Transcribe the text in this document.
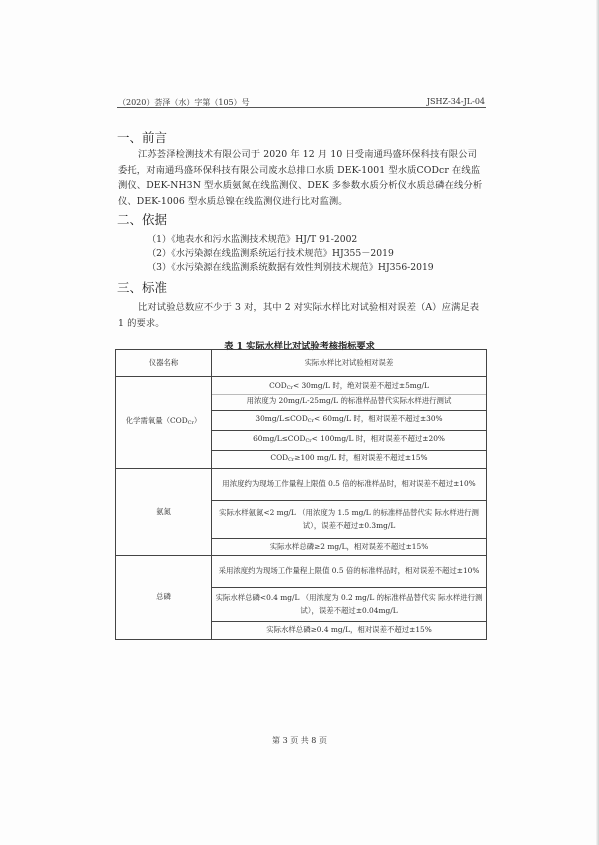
（2020）荟泽（水）字第（105）号	JSHZ-34-JL-04
一、前言

江苏荟泽检测技术有限公司于 2020 年 12 月 10 日受南通玛盛环保科技有限公司委托，对南通玛盛环保科技有限公司废水总排口水质 DEK-1001 型水质CODcr 在线监测仪、DEK-NH3N 型水质氨氮在线监测仪、DEK 多参数水质分析仪水质总磷在线分析仪、DEK-1006 型水质总镍在线监测仪进行比对监测。

二、依据
（1）《地表水和污水监测技术规范》HJ/T 91-2002
（2）《水污染源在线监测系统运行技术规范》HJ355－2019
（3）《水污染源在线监测系统数据有效性判别技术规范》HJ356-2019
三、标准

比对试验总数应不少于 3 对，其中 2 对实际水样比对试验相对误差（A）应满足表 1 的要求。

表 1 实际水样比对试验考核指标要求
仪器名称	实际水样比对试验相对误差
化学需氧量$(COD_{Cr})$	$COD_{Cr}< 30mg/L$ 时，绝对误差不超过±5mg/L
用浓度为 20mg/L-25mg/L 的标准样品替代实际水样进行测试

	$30mg/L\le COD_{Cr}< 60mg/L$ 时，相对误差不超过±30%
	$60mg/L\le COD_{Cr}< 100mg/L$ 时，相对误差不超过±20%
	$COD_{Cr}\ge 100$ mg/L 时，相对误差不超过±15%
氨氮	用浓度约为现场工作量程上限值 0.5 倍的标准样品时，相对误差不超过±10%
	实际水样氨氮<2 mg/L （用浓度为 1.5 mg/L 的标准样品替代实 际水样进行测试），误差不超过±0.3mg/L
	实际水样总磷≥2 mg/L，相对误差不超过±15%
总磷	采用浓度约为现场工作量程上限值 0.5 倍的标准样品时，相对误差不超过±10%
	实际水样总磷<0.4 mg/L （用浓度为 0.2 mg/L 的标准样品替代实 际水样进行测试），误差不超过±0.04mg/L
	实际水样总磷≥0.4 mg/L，相对误差不超过±15%
第 3 页 共 8 页
